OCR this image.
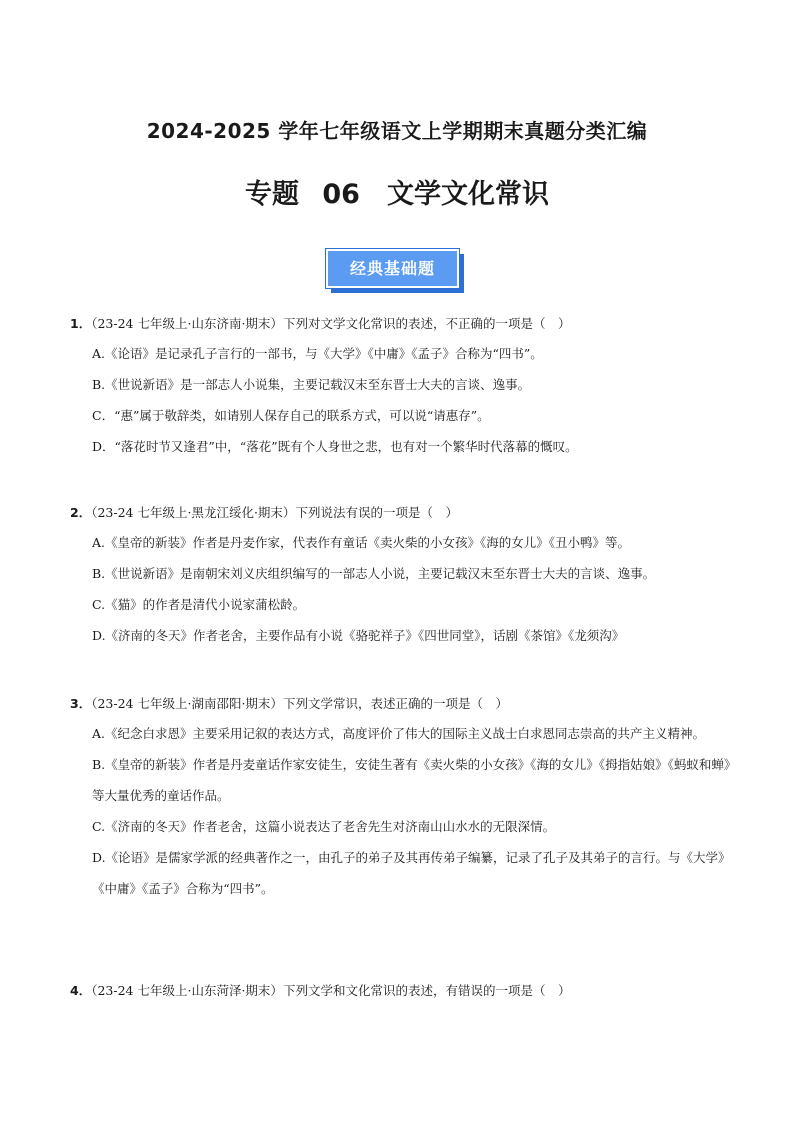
2024-2025 学年七年级语文上学期期末真题分类汇编
专题 06　文学文化常识
经典基础题
1．（23-24 七年级上·山东济南·期末）下列对文学文化常识的表述，不正确的一项是（　）
A.《论语》是记录孔子言行的一部书，与《大学》《中庸》《孟子》合称为“四书”。
B.《世说新语》是一部志人小说集，主要记载汉末至东晋士大夫的言谈、逸事。
C．“惠”属于敬辞类，如请别人保存自己的联系方式，可以说“请惠存”。
D．“落花时节又逢君”中，“落花”既有个人身世之悲，也有对一个繁华时代落幕的慨叹。
2．（23-24 七年级上·黑龙江绥化·期末）下列说法有误的一项是（　）
A.《皇帝的新装》作者是丹麦作家，代表作有童话《卖火柴的小女孩》《海的女儿》《丑小鸭》等。
B.《世说新语》是南朝宋刘义庆组织编写的一部志人小说，主要记载汉末至东晋士大夫的言谈、逸事。
C.《猫》的作者是清代小说家蒲松龄。
D.《济南的冬天》作者老舍，主要作品有小说《骆驼祥子》《四世同堂》，话剧《茶馆》《龙须沟》
3．（23-24 七年级上·湖南邵阳·期末）下列文学常识，表述正确的一项是（　）
A.《纪念白求恩》主要采用记叙的表达方式，高度评价了伟大的国际主义战士白求恩同志崇高的共产主义精神。
B.《皇帝的新装》作者是丹麦童话作家安徒生，安徒生著有《卖火柴的小女孩》《海的女儿》《拇指姑娘》《蚂蚁和蝉》等大量优秀的童话作品。
C.《济南的冬天》作者老舍，这篇小说表达了老舍先生对济南山山水水的无限深情。
D.《论语》是儒家学派的经典著作之一，由孔子的弟子及其再传弟子编纂，记录了孔子及其弟子的言行。与《大学》《中庸》《孟子》合称为“四书”。
4．（23-24 七年级上·山东菏泽·期末）下列文学和文化常识的表述，有错误的一项是（　）
